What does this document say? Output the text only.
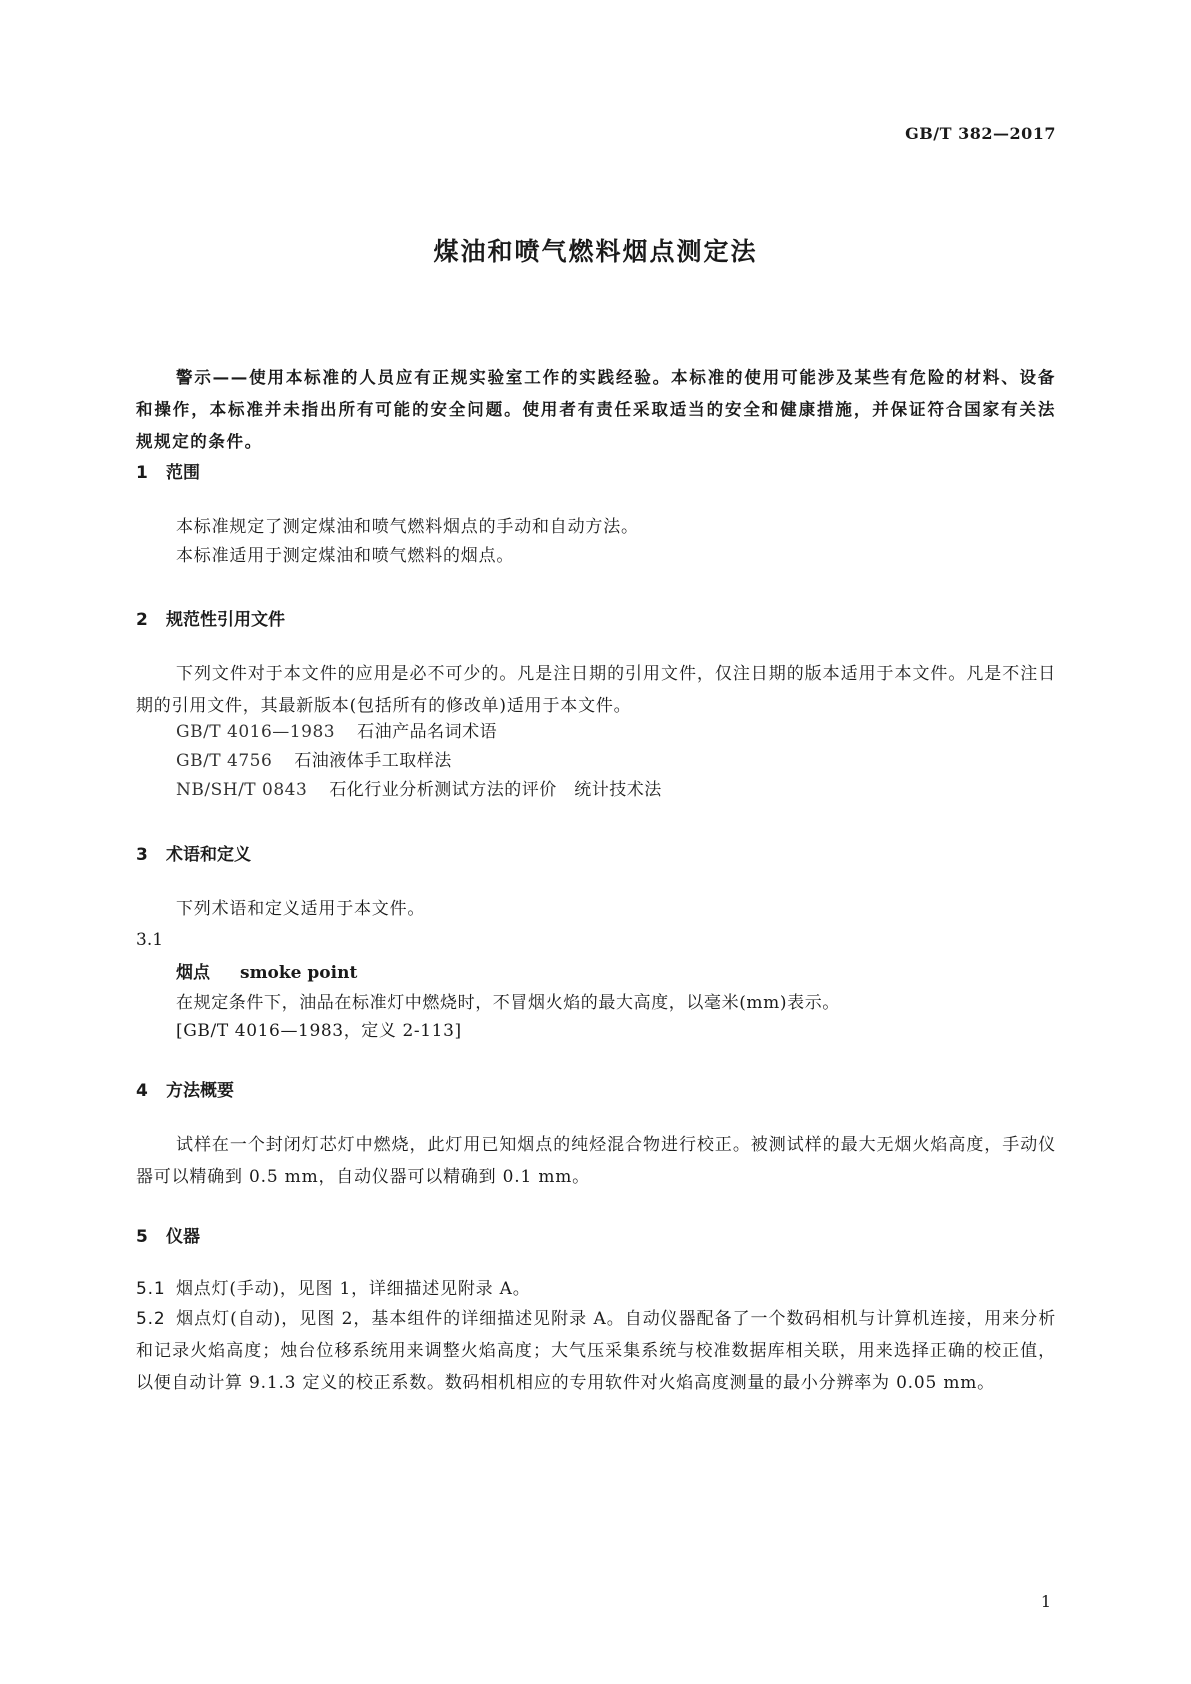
GB/T 382—2017
煤油和喷气燃料烟点测定法

警示——使用本标准的人员应有正规实验室工作的实践经验。本标准的使用可能涉及某些有危险的材料、设备和操作，本标准并未指出所有可能的安全问题。使用者有责任采取适当的安全和健康措施，并保证符合国家有关法规规定的条件。

1 范围

本标准规定了测定煤油和喷气燃料烟点的手动和自动方法。

本标准适用于测定煤油和喷气燃料的烟点。

2 规范性引用文件

下列文件对于本文件的应用是必不可少的。凡是注日期的引用文件，仅注日期的版本适用于本文件。凡是不注日期的引用文件，其最新版本(包括所有的修改单)适用于本文件。

GB/T 4016—1983 石油产品名词术语
GB/T 4756 石油液体手工取样法
NB/SH/T 0843 石化行业分析测试方法的评价　统计技术法
3 术语和定义

下列术语和定义适用于本文件。

3.1
烟点 smoke point
在规定条件下，油品在标准灯中燃烧时，不冒烟火焰的最大高度，以毫米(mm)表示。
[GB/T 4016—1983，定义 2-113]
4 方法概要

试样在一个封闭灯芯灯中燃烧，此灯用已知烟点的纯烃混合物进行校正。被测试样的最大无烟火焰高度，手动仪器可以精确到 0.5 mm，自动仪器可以精确到 0.1 mm。

5 仪器

5.1 烟点灯(手动)，见图 1，详细描述见附录 A。

5.2 烟点灯(自动)，见图 2，基本组件的详细描述见附录 A。自动仪器配备了一个数码相机与计算机连接，用来分析和记录火焰高度；烛台位移系统用来调整火焰高度；大气压采集系统与校准数据库相关联，用来选择正确的校正值，以便自动计算 9.1.3 定义的校正系数。数码相机相应的专用软件对火焰高度测量的最小分辨率为 0.05 mm。

1
